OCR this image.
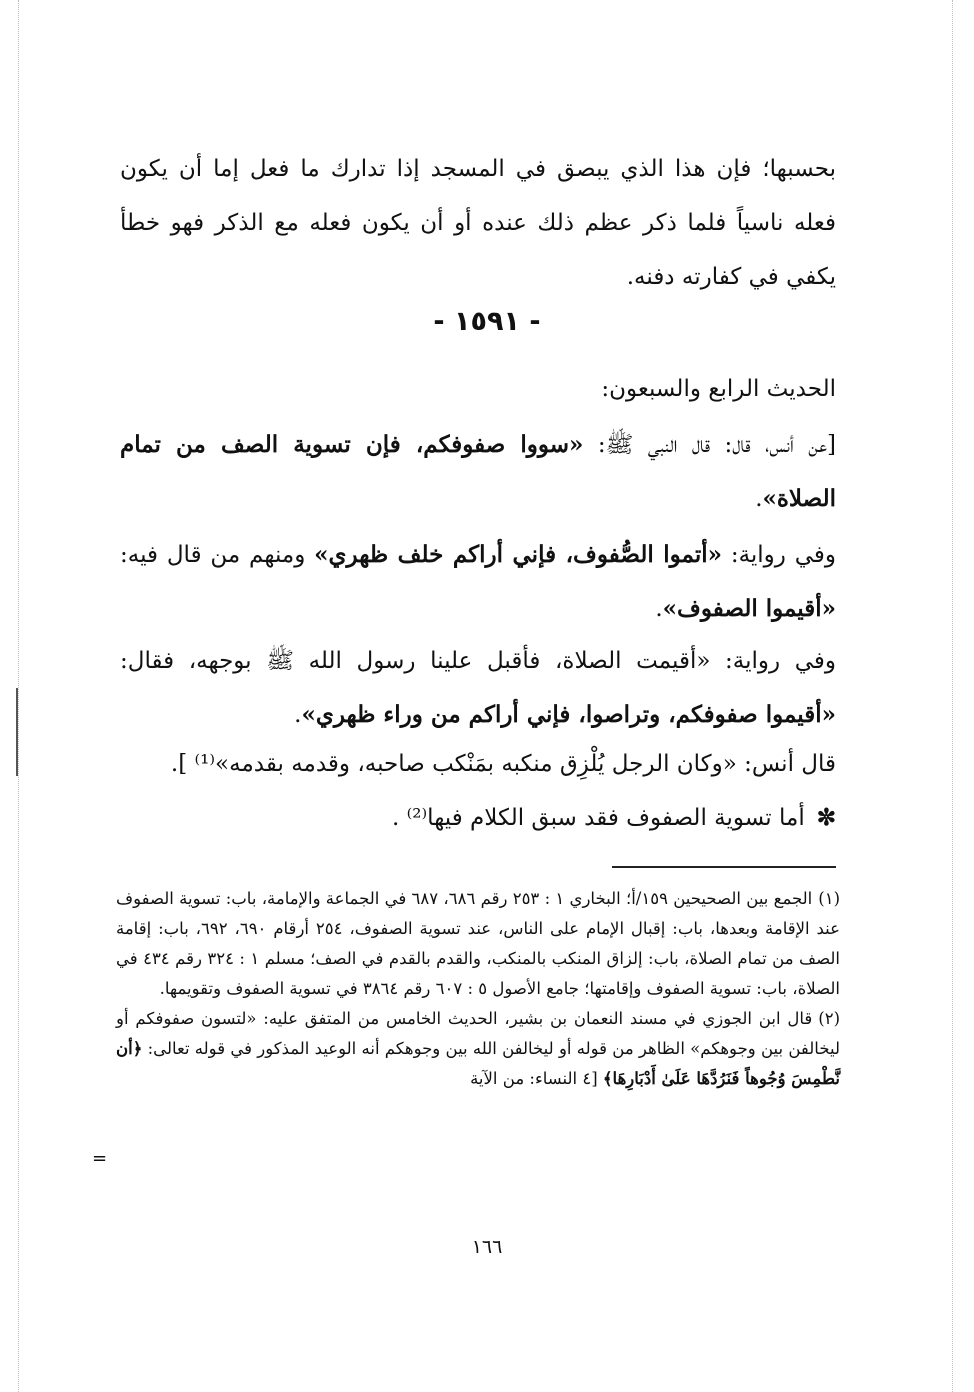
بحسبها؛ فإن هذا الذي يبصق في المسجد إذا تدارك ما فعل إما أن يكون فعله ناسياً فلما ذكر عظم ذلك عنده أو أن يكون فعله مع الذكر فهو خطأ يكفي في كفارته دفنه.

- ١٥٩١ -

الحديث الرابع والسبعون:

[عن أنس، قال: قال النبي ﷺ: «سووا صفوفكم، فإن تسوية الصف من تمام الصلاة».

وفي رواية: «أتموا الصُّفوف، فإني أراكم خلف ظهري» ومنهم من قال فيه: «أقيموا الصفوف».

وفي رواية: «أقيمت الصلاة، فأقبل علينا رسول الله ﷺ بوجهه، فقال: «أقيموا صفوفكم، وتراصوا، فإني أراكم من وراء ظهري».

قال أنس: «وكان الرجل يُلْزِق منكبه بمَنْكب صاحبه، وقدمه بقدمه»⁽¹⁾ ].

✼أما تسوية الصفوف فقد سبق الكلام فيها⁽²⁾ .

(١)الجمع بين الصحيحين ١٥٩/أ؛ البخاري ١ : ٢٥٣ رقم ٦٨٦، ٦٨٧ في الجماعة والإمامة، باب: تسوية الصفوف عند الإقامة وبعدها، باب: إقبال الإمام على الناس، عند تسوية الصفوف، ٢٥٤ أرقام ٦٩٠، ٦٩٢، باب: إقامة الصف من تمام الصلاة، باب: إلزاق المنكب بالمنكب، والقدم بالقدم في الصف؛ مسلم ١ : ٣٢٤ رقم ٤٣٤ في الصلاة، باب: تسوية الصفوف وإقامتها؛ جامع الأصول ٥ : ٦٠٧ رقم ٣٨٦٤ في تسوية الصفوف وتقويمها.

(٢)قال ابن الجوزي في مسند النعمان بن بشير، الحديث الخامس من المتفق عليه: «لتسون صفوفكم أو ليخالفن بين وجوهكم» الظاهر من قوله أو ليخالفن الله بين وجوهكم أنه الوعيد المذكور في قوله تعالى: ﴿أن نَّطْمِسَ وُجُوهاً فَنَرُدَّهَا عَلَىٰ أَدْبَارِهَا﴾ [٤ النساء: من الآية

=
١٦٦
